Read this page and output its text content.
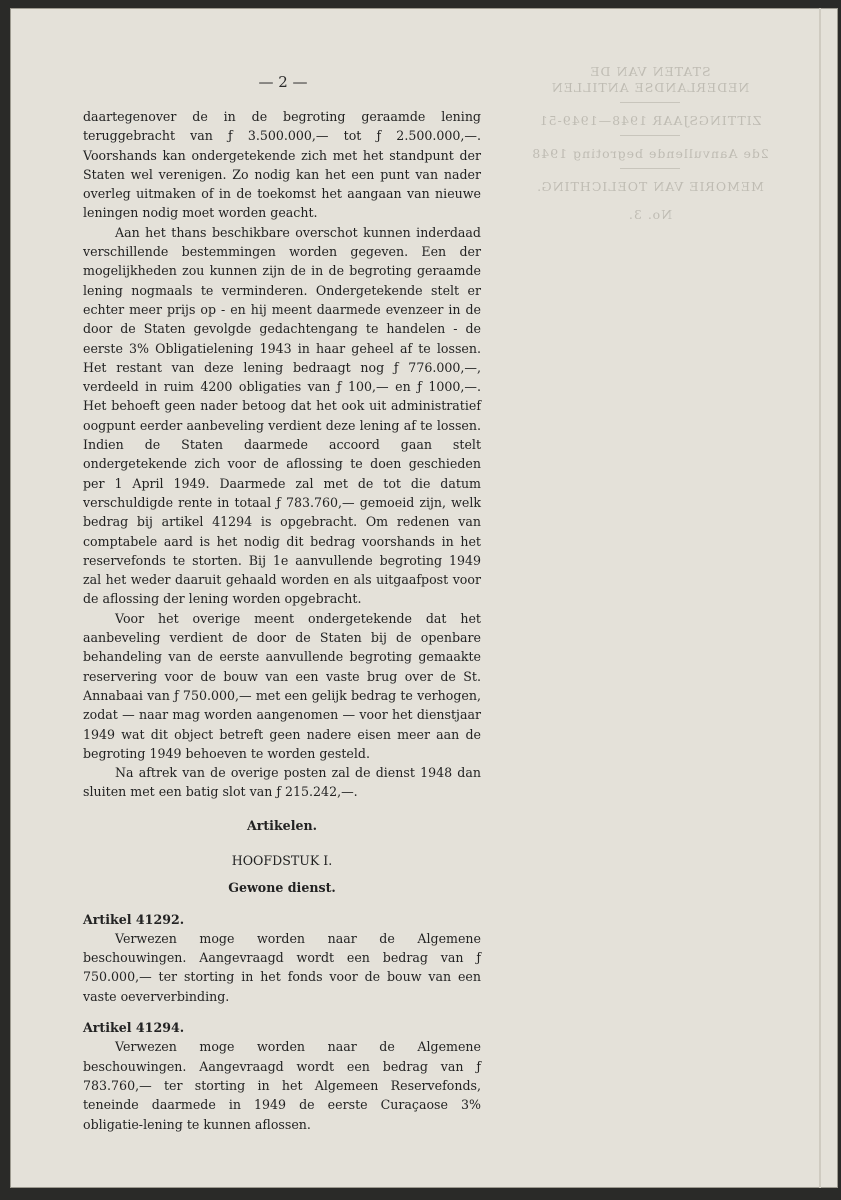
— 2 —

STATEN VAN DE

NEDERLANDSE ANTILLEN

ZITTINGSJAAR 1948—1949-51

2de Aanvullende begroting 1948

MEMORIE VAN TOELICHTING.

No. 3.

daartegenover de in de begroting geraamde lening teruggebracht van ƒ 3.500.000,— tot ƒ 2.500.000,—. Voorshands kan ondergetekende zich met het standpunt der Staten wel verenigen. Zo nodig kan het een punt van nader overleg uitmaken of in de toekomst het aangaan van nieuwe leningen nodig moet worden geacht.

Aan het thans beschikbare overschot kunnen inderdaad verschillende bestemmingen worden gegeven. Een der mogelijkheden zou kunnen zijn de in de begroting geraamde lening nogmaals te verminderen. Ondergetekende stelt er echter meer prijs op - en hij meent daarmede evenzeer in de door de Staten gevolgde gedachtengang te handelen - de eerste 3% Obligatielening 1943 in haar geheel af te lossen. Het restant van deze lening bedraagt nog ƒ 776.000,—, verdeeld in ruim 4200 obligaties van ƒ 100,— en ƒ 1000,—. Het behoeft geen nader betoog dat het ook uit administratief oogpunt eerder aanbeveling verdient deze lening af te lossen. Indien de Staten daarmede accoord gaan stelt ondergetekende zich voor de aflossing te doen geschieden per 1 April 1949. Daarmede zal met de tot die datum verschuldigde rente in totaal ƒ 783.760,— gemoeid zijn, welk bedrag bij artikel 41294 is opgebracht. Om redenen van comptabele aard is het nodig dit bedrag voorshands in het reservefonds te storten. Bij 1e aanvullende begroting 1949 zal het weder daaruit gehaald worden en als uitgaafpost voor de aflossing der lening worden opgebracht.

Voor het overige meent ondergetekende dat het aanbeveling verdient de door de Staten bij de openbare behandeling van de eerste aanvullende begroting gemaakte reservering voor de bouw van een vaste brug over de St. Annabaai van ƒ 750.000,— met een gelijk bedrag te verhogen, zodat — naar mag worden aangenomen — voor het dienstjaar 1949 wat dit object betreft geen nadere eisen meer aan de begroting 1949 behoeven te worden gesteld.

Na aftrek van de overige posten zal de dienst 1948 dan sluiten met een batig slot van ƒ 215.242,—.

Artikelen.

HOOFDSTUK I.

Gewone dienst.

Artikel 41292.

Verwezen moge worden naar de Algemene beschouwingen. Aangevraagd wordt een bedrag van ƒ 750.000,— ter storting in het fonds voor de bouw van een vaste oeververbinding.

Artikel 41294.

Verwezen moge worden naar de Algemene beschouwingen. Aangevraagd wordt een bedrag van ƒ 783.760,— ter storting in het Algemeen Reservefonds, teneinde daarmede in 1949 de eerste Curaçaose 3% obligatie-lening te kunnen aflossen.
